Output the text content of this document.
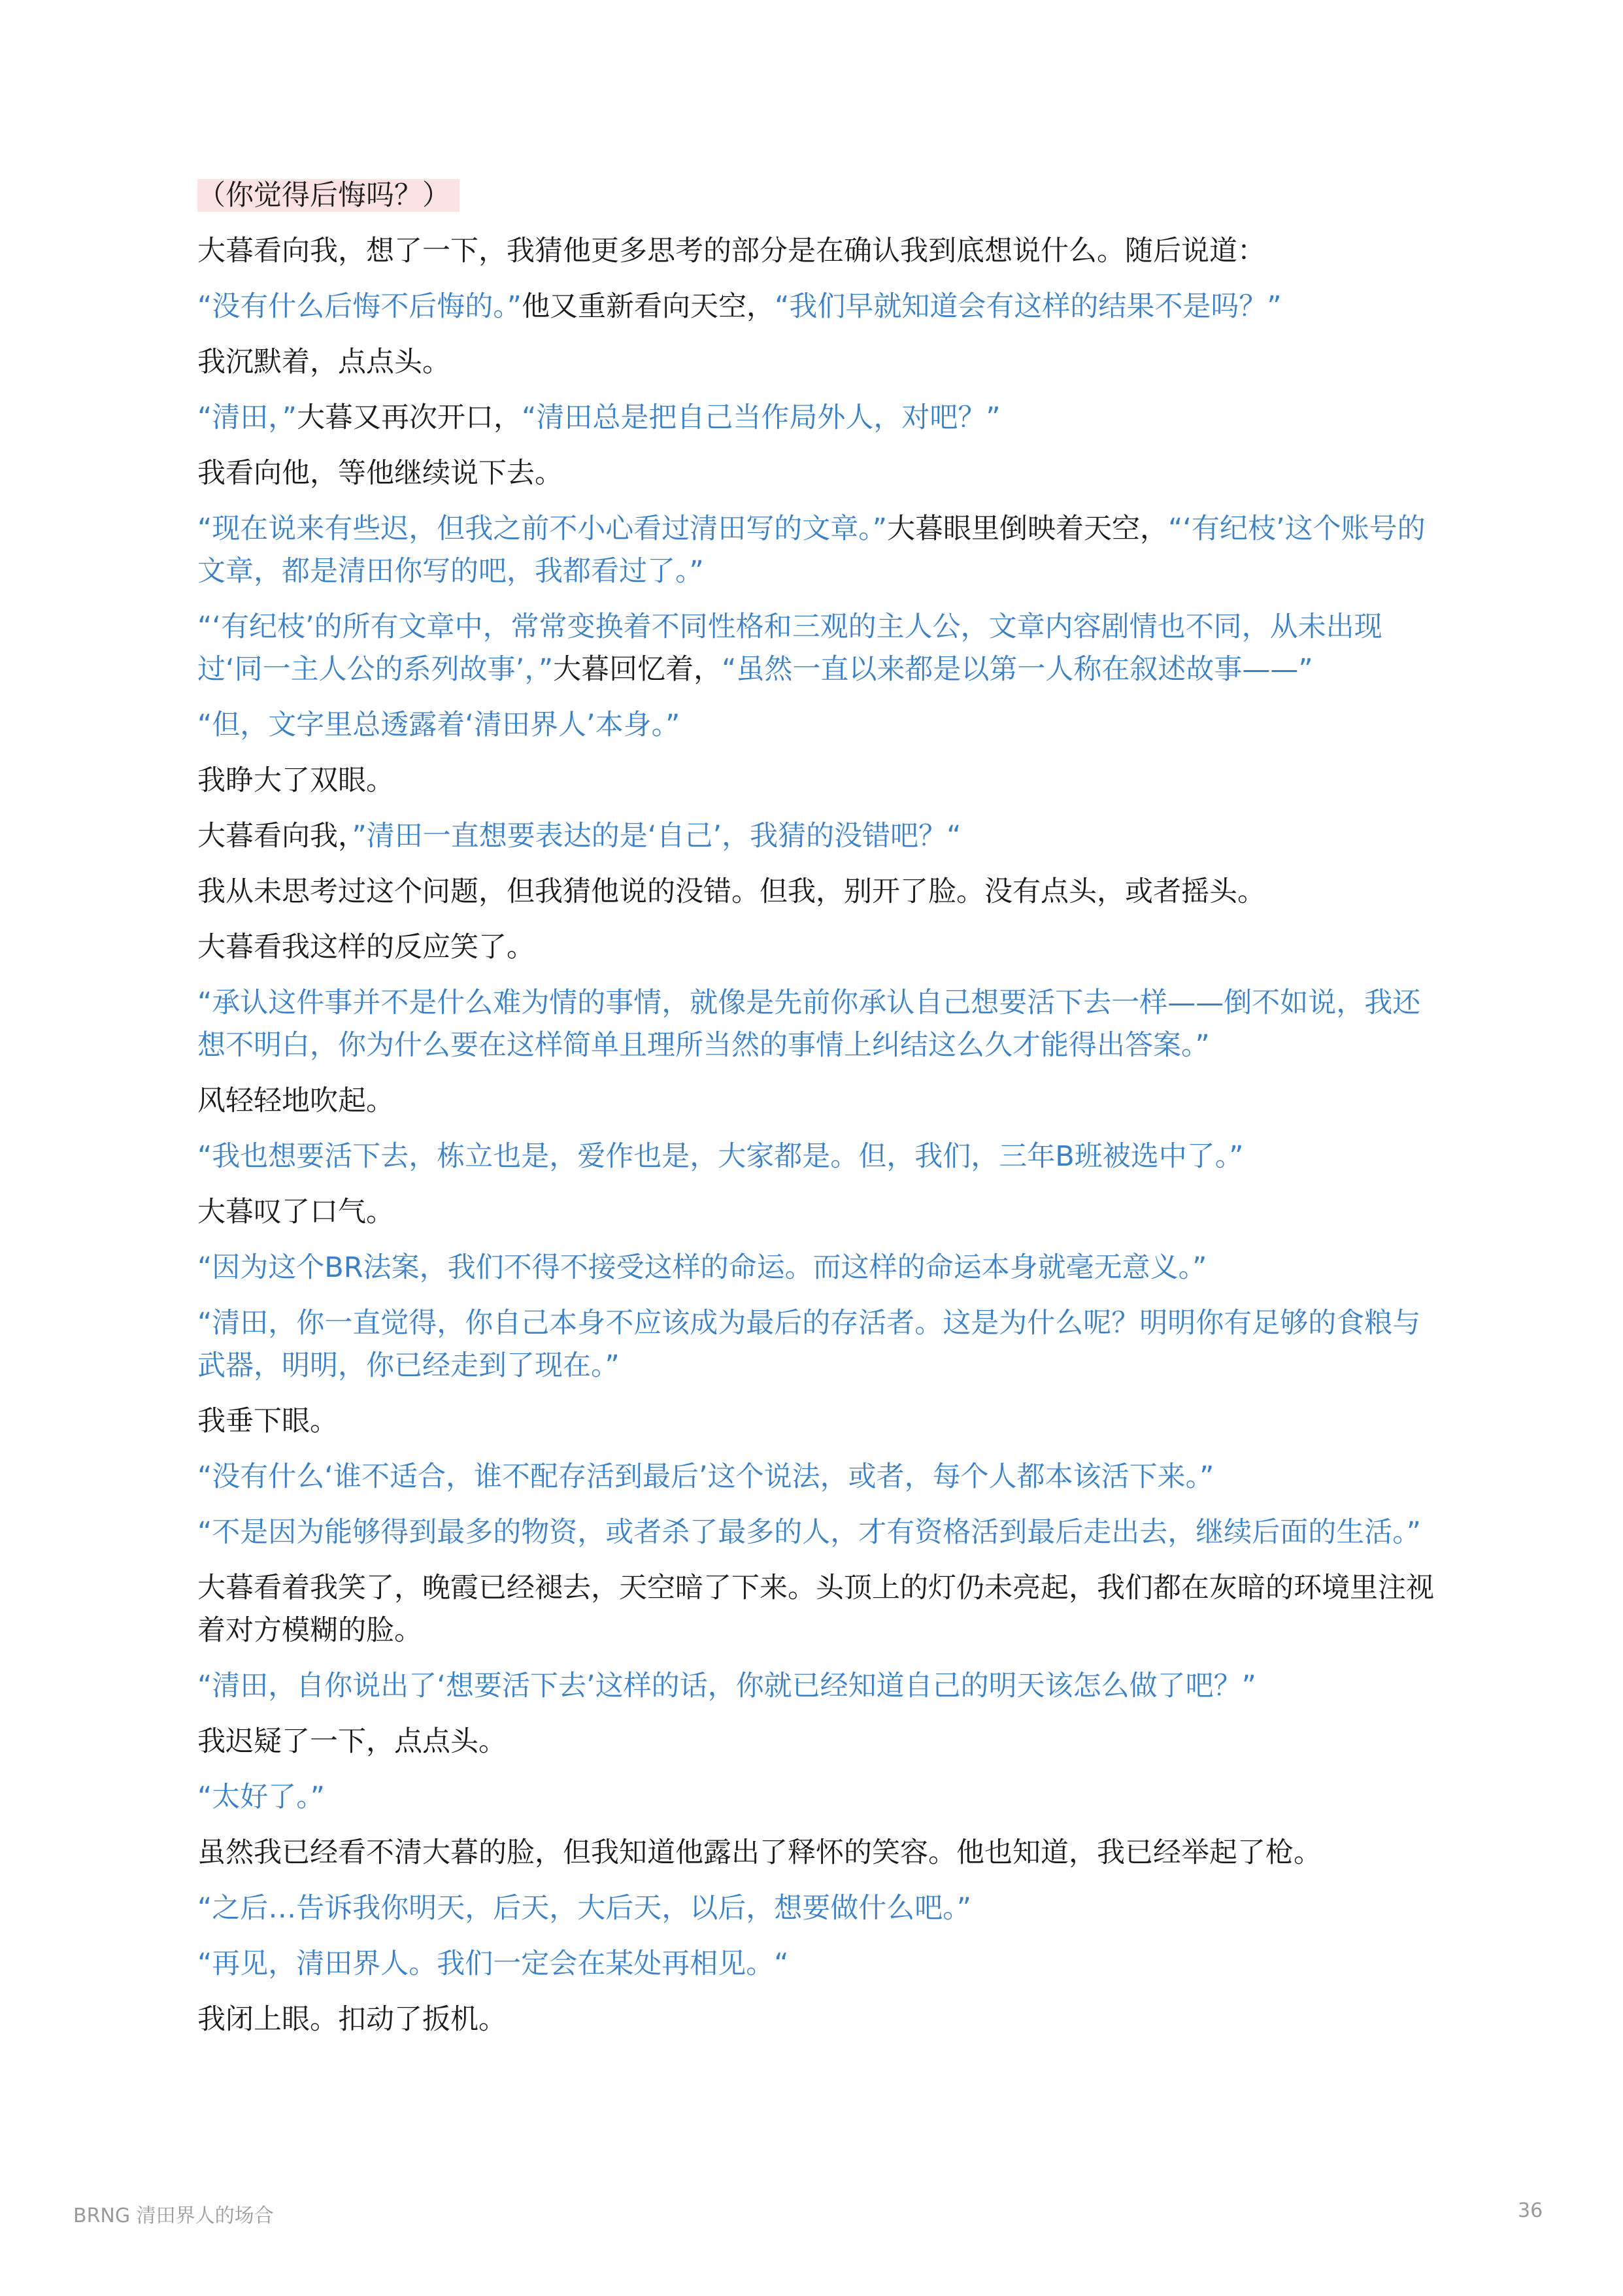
（你觉得后悔吗？）
大暮看向我，想了一下，我猜他更多思考的部分是在确认我到底想说什么。随后说道：
“没有什么后悔不后悔的。”他又重新看向天空，“我们早就知道会有这样的结果不是吗？”
我沉默着，点点头。
“清田，”大暮又再次开口，“清田总是把自己当作局外人，对吧？”
我看向他，等他继续说下去。
“现在说来有些迟，但我之前不小心看过清田写的文章。”大暮眼里倒映着天空，“‘有纪枝’这个账号的
文章，都是清田你写的吧，我都看过了。”
“‘有纪枝’的所有文章中，常常变换着不同性格和三观的主人公，文章内容剧情也不同，从未出现
过‘同一主人公的系列故事’，”大暮回忆着，“虽然一直以来都是以第一人称在叙述故事——”
“但，文字里总透露着‘清田界人’本身。”
我睁大了双眼。
大暮看向我，”清田一直想要表达的是‘自己’，我猜的没错吧？“
我从未思考过这个问题，但我猜他说的没错。但我，别开了脸。没有点头，或者摇头。
大暮看我这样的反应笑了。
“承认这件事并不是什么难为情的事情，就像是先前你承认自己想要活下去一样——倒不如说，我还
想不明白，你为什么要在这样简单且理所当然的事情上纠结这么久才能得出答案。”
风轻轻地吹起。
“我也想要活下去，栋立也是，爱作也是，大家都是。但，我们，三年B班被选中了。”
大暮叹了口气。
“因为这个BR法案，我们不得不接受这样的命运。而这样的命运本身就毫无意义。”
“清田，你一直觉得，你自己本身不应该成为最后的存活者。这是为什么呢？明明你有足够的食粮与
武器，明明，你已经走到了现在。”
我垂下眼。
“没有什么‘谁不适合，谁不配存活到最后’这个说法，或者，每个人都本该活下来。”
“不是因为能够得到最多的物资，或者杀了最多的人，才有资格活到最后走出去，继续后面的生活。”
大暮看着我笑了，晚霞已经褪去，天空暗了下来。头顶上的灯仍未亮起，我们都在灰暗的环境里注视
着对方模糊的脸。
“清田，自你说出了‘想要活下去’这样的话，你就已经知道自己的明天该怎么做了吧？”
我迟疑了一下，点点头。
“太好了。”
虽然我已经看不清大暮的脸，但我知道他露出了释怀的笑容。他也知道，我已经举起了枪。
“之后…告诉我你明天，后天，大后天，以后，想要做什么吧。”
“再见，清田界人。我们一定会在某处再相见。“
我闭上眼。扣动了扳机。
BRNG 清田界人的场合	36
